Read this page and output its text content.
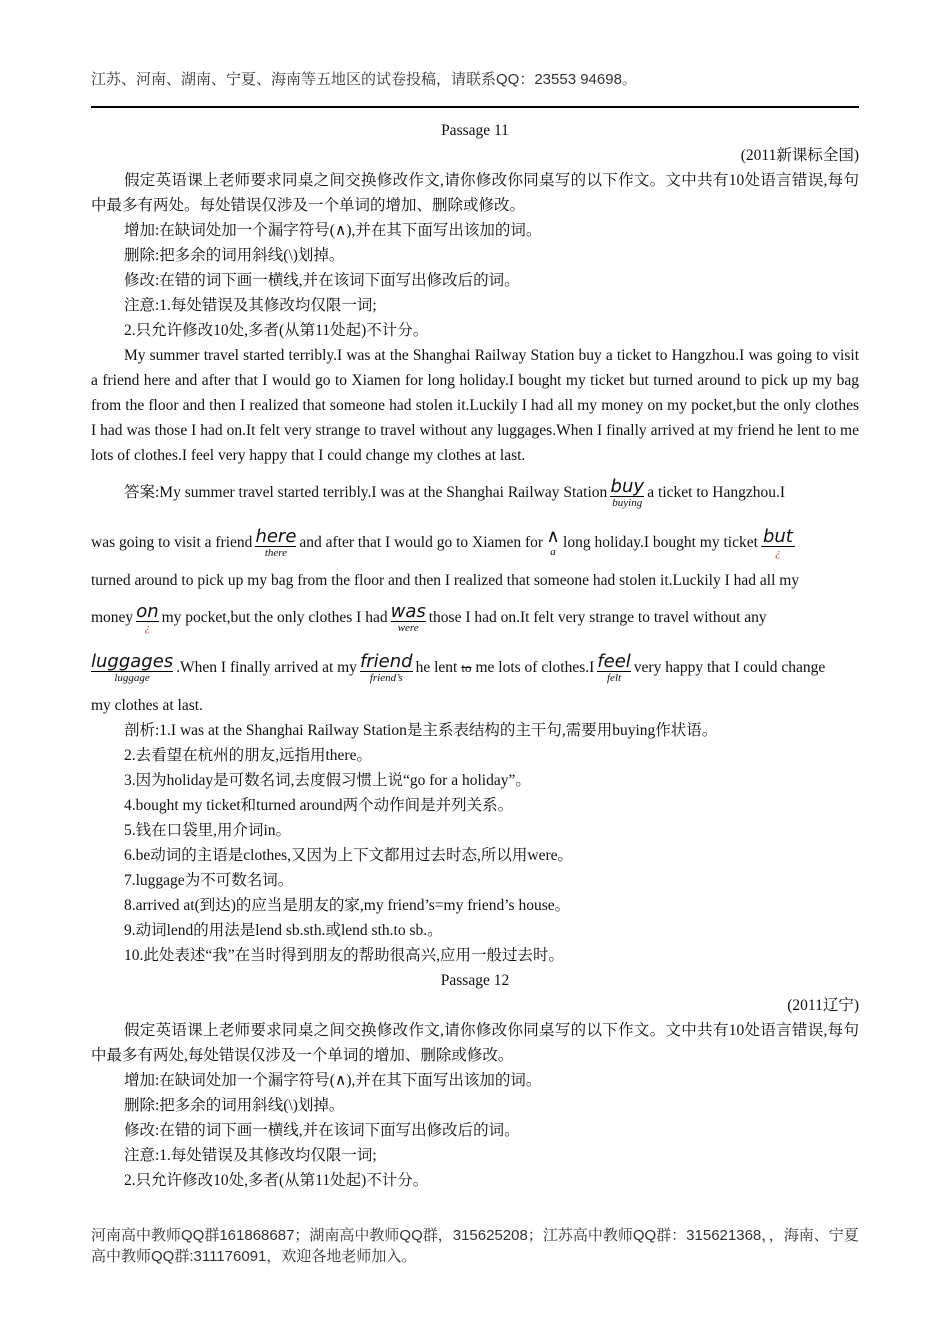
江苏、河南、湖南、宁夏、海南等五地区的试卷投稿，请联系QQ：23553 94698。

Passage 11

(2011新课标全国)

假定英语课上老师要求同桌之间交换修改作文,请你修改你同桌写的以下作文。文中共有10处语言错误,每句中最多有两处。每处错误仅涉及一个单词的增加、删除或修改。

增加:在缺词处加一个漏字符号(∧),并在其下面写出该加的词。

删除:把多余的词用斜线(\)划掉。

修改:在错的词下画一横线,并在该词下面写出修改后的词。

注意:1.每处错误及其修改均仅限一词;

2.只允许修改10处,多者(从第11处起)不计分。

My summer travel started terribly.I was at the Shanghai Railway Station buy a ticket to Hangzhou.I was going to visit a friend here and after that I would go to Xiamen for long holiday.I bought my ticket but turned around to pick up my bag from the floor and then I realized that someone had stolen it.Luckily I had all my money on my pocket,but the only clothes I had was those I had on.It felt very strange to travel without any luggages.When I finally arrived at my friend he lent to me lots of clothes.I feel very happy that I could change my clothes at last.

答案:My summer travel started terribly.I was at the Shanghai Railway Station buy
buying
a ticket to Hangzhou.I
was going to visit a friend here
there
and after that I would go to Xiamen for ∧
a
long holiday.I bought my ticket but
¿
turned around to pick up my bag from the floor and then I realized that someone had stolen it.Luckily I had all my
money on
¿
my pocket,but the only clothes I had was
were
those I had on.It felt very strange to travel without any
luggages
luggage
.When I finally arrived at my friend
friend’s
he lent to me lots of clothes.I feel
felt
very happy that I could change
my clothes at last.

剖析:1.I was at the Shanghai Railway Station是主系表结构的主干句,需要用buying作状语。

2.去看望在杭州的朋友,远指用there。

3.因为holiday是可数名词,去度假习惯上说“go for a holiday”。

4.bought my ticket和turned around两个动作间是并列关系。

5.钱在口袋里,用介词in。

6.be动词的主语是clothes,又因为上下文都用过去时态,所以用were。

7.luggage为不可数名词。

8.arrived at(到达)的应当是朋友的家,my friend’s=my friend’s house。

9.动词lend的用法是lend sb.sth.或lend sth.to sb.。

10.此处表述“我”在当时得到朋友的帮助很高兴,应用一般过去时。

Passage 12

(2011辽宁)

假定英语课上老师要求同桌之间交换修改作文,请你修改你同桌写的以下作文。文中共有10处语言错误,每句中最多有两处,每处错误仅涉及一个单词的增加、删除或修改。

增加:在缺词处加一个漏字符号(∧),并在其下面写出该加的词。

删除:把多余的词用斜线(\)划掉。

修改:在错的词下画一横线,并在该词下面写出修改后的词。

注意:1.每处错误及其修改均仅限一词;

2.只允许修改10处,多者(从第11处起)不计分。

河南高中教师QQ群161868687；湖南高中教师QQ群，315625208；江苏高中教师QQ群：315621368，，海南、宁夏高中教师QQ群:311176091，欢迎各地老师加入。
